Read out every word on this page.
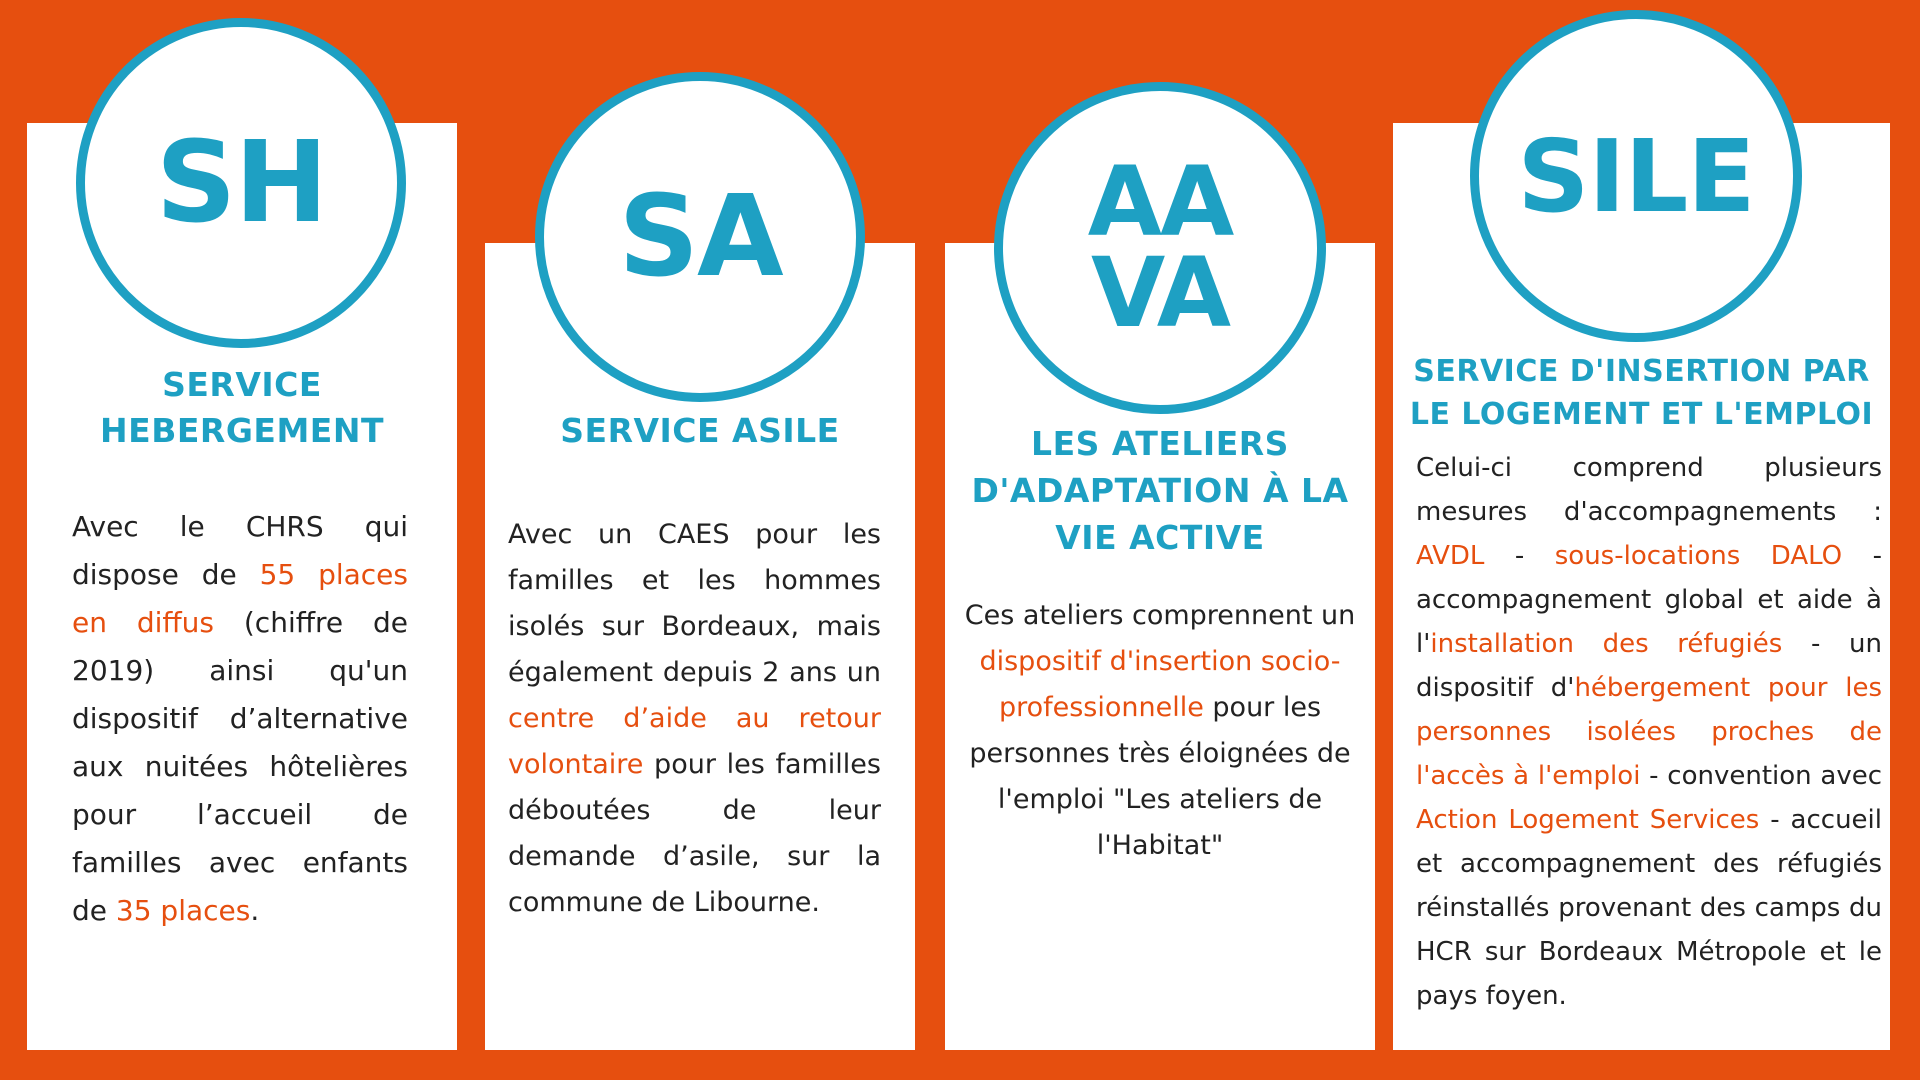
SH
SERVICE
HEBERGEMENT
Avec le CHRS qui dispose de 55 places en diffus (chiffre de 2019) ainsi qu'un dispositif d’alternative aux nuitées hôtelières pour l’accueil de familles avec enfants de 35 places.
SA
SERVICE ASILE
Avec un CAES pour les familles et les hommes isolés sur Bordeaux, mais également depuis 2 ans un centre d’aide au retour volontaire pour les familles déboutées de leur demande d’asile, sur la commune de Libourne.
AA
VA
LES ATELIERS
D'ADAPTATION À LA
VIE ACTIVE
Ces ateliers comprennent un dispositif d'insertion socio-professionnelle pour les personnes très éloignées de l'emploi "Les ateliers de l'Habitat"
SILE
SERVICE D'INSERTION PAR
LE LOGEMENT ET L'EMPLOI
Celui-ci comprend plusieurs mesures d'accompagnements : AVDL - sous-locations DALO - accompagnement global et aide à l'installation des réfugiés - un dispositif d'hébergement pour les personnes isolées proches de l'accès à l'emploi - convention avec Action Logement Services - accueil et accompagnement des réfugiés réinstallés provenant des camps du HCR sur Bordeaux Métropole et le pays foyen.
